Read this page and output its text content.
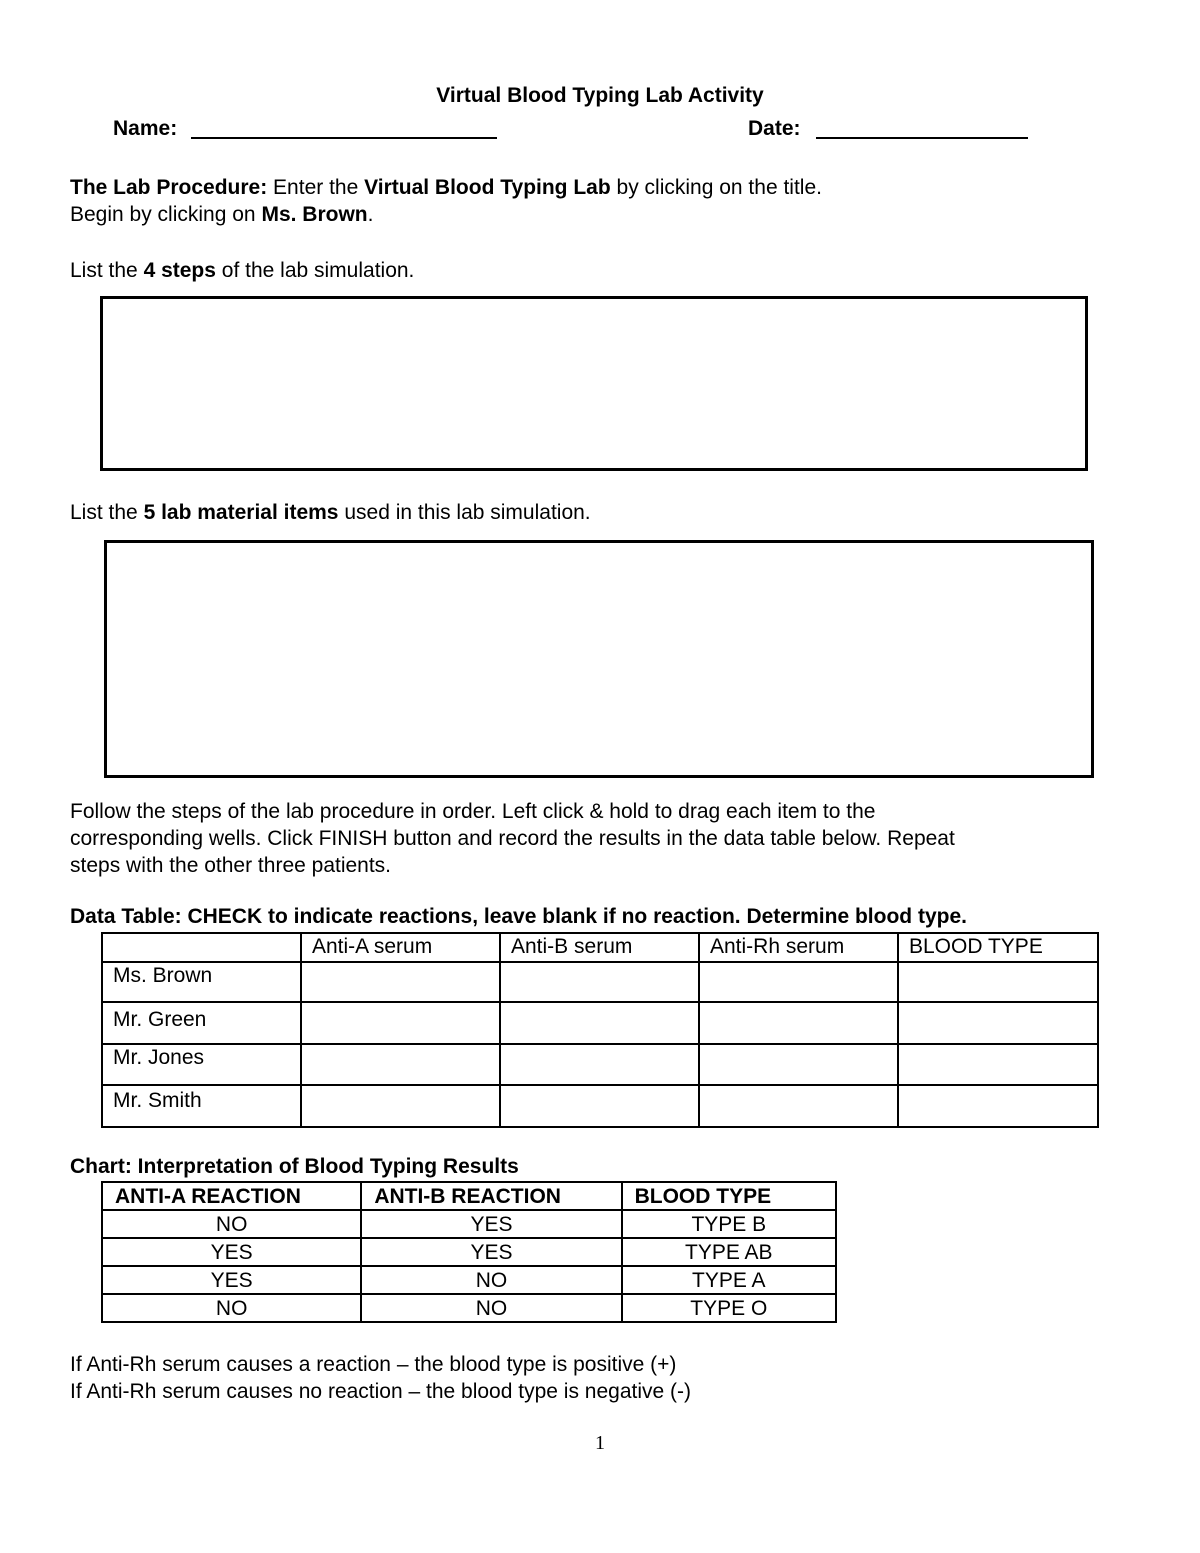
Virtual Blood Typing Lab Activity
Name:	Date:

The Lab Procedure: Enter the Virtual Blood Typing Lab by clicking on the title.

Begin by clicking on Ms. Brown.

List the 4 steps of the lab simulation.

List the 5 lab material items used in this lab simulation.

Follow the steps of the lab procedure in order. Left click & hold to drag each item to the

corresponding wells. Click FINISH button and record the results in the data table below. Repeat

steps with the other three patients.

Data Table: CHECK to indicate reactions, leave blank if no reaction. Determine blood type.
	Anti-A serum	Anti-B serum	Anti-Rh serum	BLOOD TYPE
Ms. Brown				
Mr. Green				
Mr. Jones				
Mr. Smith				
Chart: Interpretation of Blood Typing Results
ANTI-A REACTION	ANTI-B REACTION	BLOOD TYPE
NO	YES	TYPE B
YES	YES	TYPE AB
YES	NO	TYPE A
NO	NO	TYPE O

If Anti-Rh serum causes a reaction – the blood type is positive (+)

If Anti-Rh serum causes no reaction – the blood type is negative (-)

1
